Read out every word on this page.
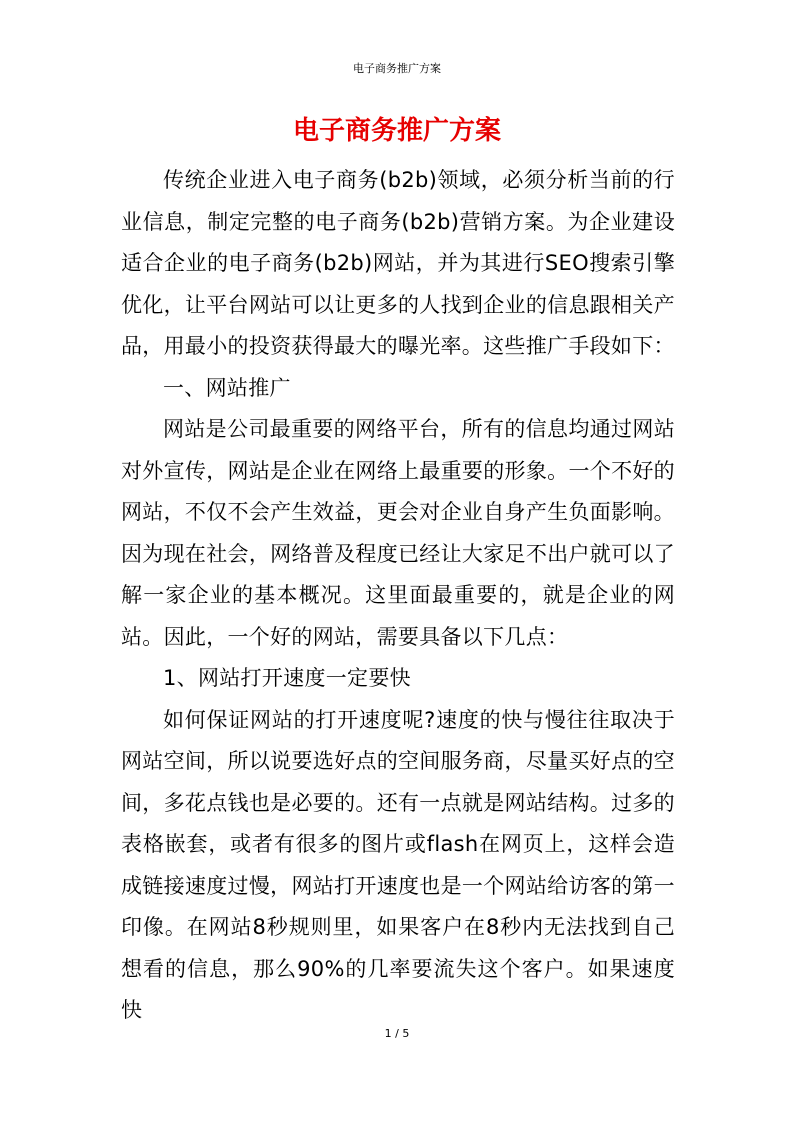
电子商务推广方案
电子商务推广方案

传统企业进入电子商务(b2b)领域，必须分析当前的行业信息，制定完整的电子商务(b2b)营销方案。为企业建设适合企业的电子商务(b2b)网站，并为其进行SEO搜索引擎优化，让平台网站可以让更多的人找到企业的信息跟相关产品，用最小的投资获得最大的曝光率。这些推广手段如下：

一、网站推广

网站是公司最重要的网络平台，所有的信息均通过网站对外宣传，网站是企业在网络上最重要的形象。一个不好的网站，不仅不会产生效益，更会对企业自身产生负面影响。因为现在社会，网络普及程度已经让大家足不出户就可以了解一家企业的基本概况。这里面最重要的，就是企业的网站。因此，一个好的网站，需要具备以下几点：

1、网站打开速度一定要快

如何保证网站的打开速度呢?速度的快与慢往往取决于网站空间，所以说要选好点的空间服务商，尽量买好点的空间，多花点钱也是必要的。还有一点就是网站结构。过多的表格嵌套，或者有很多的图片或flash在网页上，这样会造成链接速度过慢，网站打开速度也是一个网站给访客的第一印像。在网站8秒规则里，如果客户在8秒内无法找到自己想看的信息，那么90%的几率要流失这个客户。如果速度快

1 / 5
